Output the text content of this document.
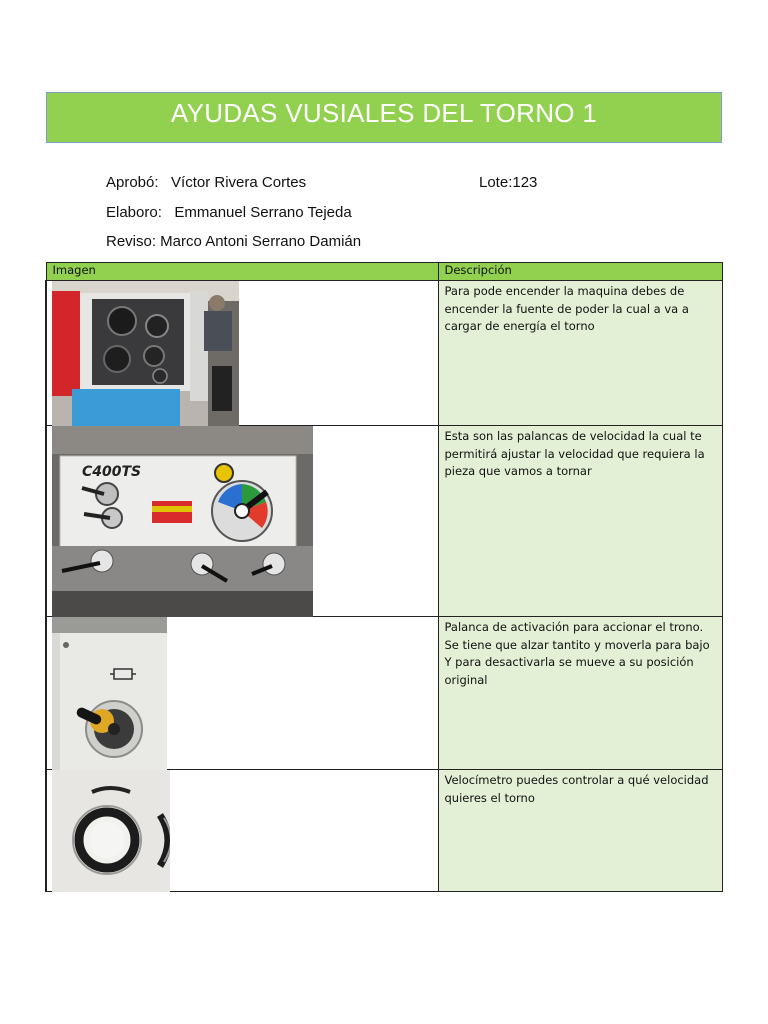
AYUDAS VUSIALES DEL TORNO 1
Aprobó:   Víctor Rivera Cortes	Lote:123
Elaboro:   Emmanuel Serrano Tejeda
Reviso: Marco Antoni Serrano Damián
Imagen	Descripción

	Para pode encender la maquina debes de encender la fuente de poder la cual a va a cargar de energía el torno

C400TS	Esta son las palancas de velocidad la cual te permitirá ajustar la velocidad que requiera la pieza que vamos a tornar

	Palanca de activación para accionar el trono. Se tiene que alzar tantito y moverla para bajo Y para desactivarla se mueve a su posición original

	Velocímetro puedes controlar a qué velocidad quieres el torno
